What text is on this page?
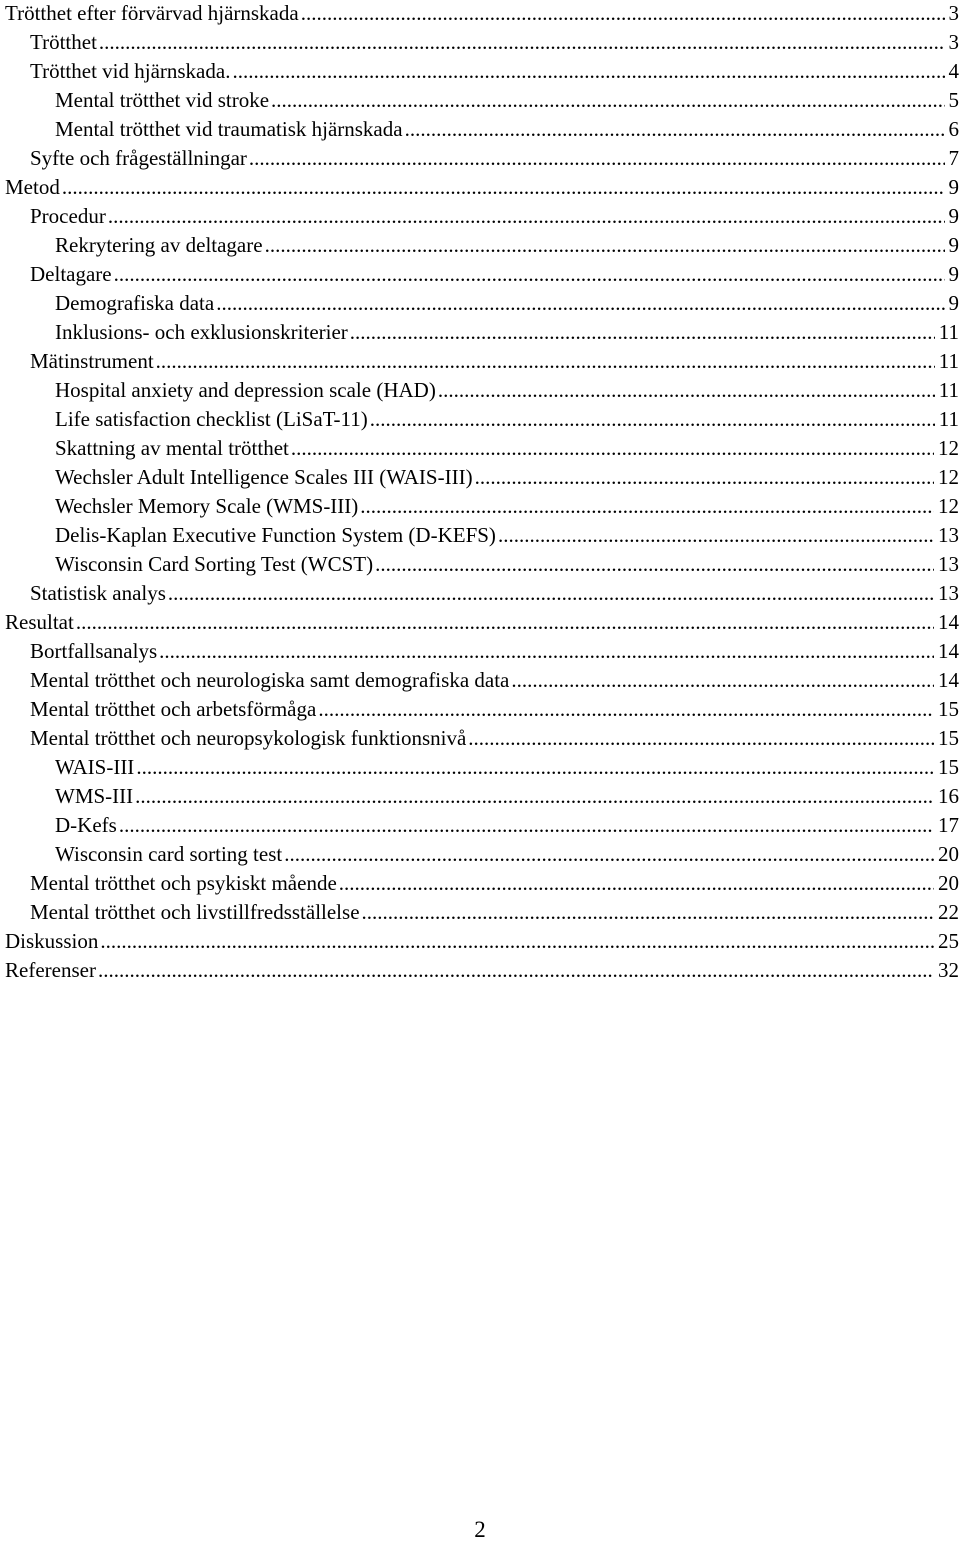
Trötthet efter förvärvad hjärnskada .....	3
Trötthet .....	3
Trötthet vid hjärnskada. .....	4
Mental trötthet vid stroke .....	5
Mental trötthet vid traumatisk hjärnskada .....	6
Syfte och frågeställningar .....	7
Metod .....	9
Procedur .....	9
Rekrytering av deltagare .....	9
Deltagare .....	9
Demografiska data .....	9
Inklusions- och exklusionskriterier .....	11
Mätinstrument .....	11
Hospital anxiety and depression scale (HAD) .....	11
Life satisfaction checklist (LiSaT-11) .....	11
Skattning av mental trötthet .....	12
Wechsler Adult Intelligence Scales III (WAIS-III) .....	12
Wechsler Memory Scale (WMS-III) .....	12
Delis-Kaplan Executive Function System (D-KEFS) .....	13
Wisconsin Card Sorting Test (WCST) .....	13
Statistisk analys .....	13
Resultat .....	14
Bortfallsanalys .....	14
Mental trötthet och neurologiska samt demografiska data .....	14
Mental trötthet och arbetsförmåga .....	15
Mental trötthet och neuropsykologisk funktionsnivå .....	15
WAIS-III .....	15
WMS-III .....	16
D-Kefs .....	17
Wisconsin card sorting test .....	20
Mental trötthet och psykiskt mående .....	20
Mental trötthet och livstillfredsställelse .....	22
Diskussion .....	25
Referenser .....	32
2
